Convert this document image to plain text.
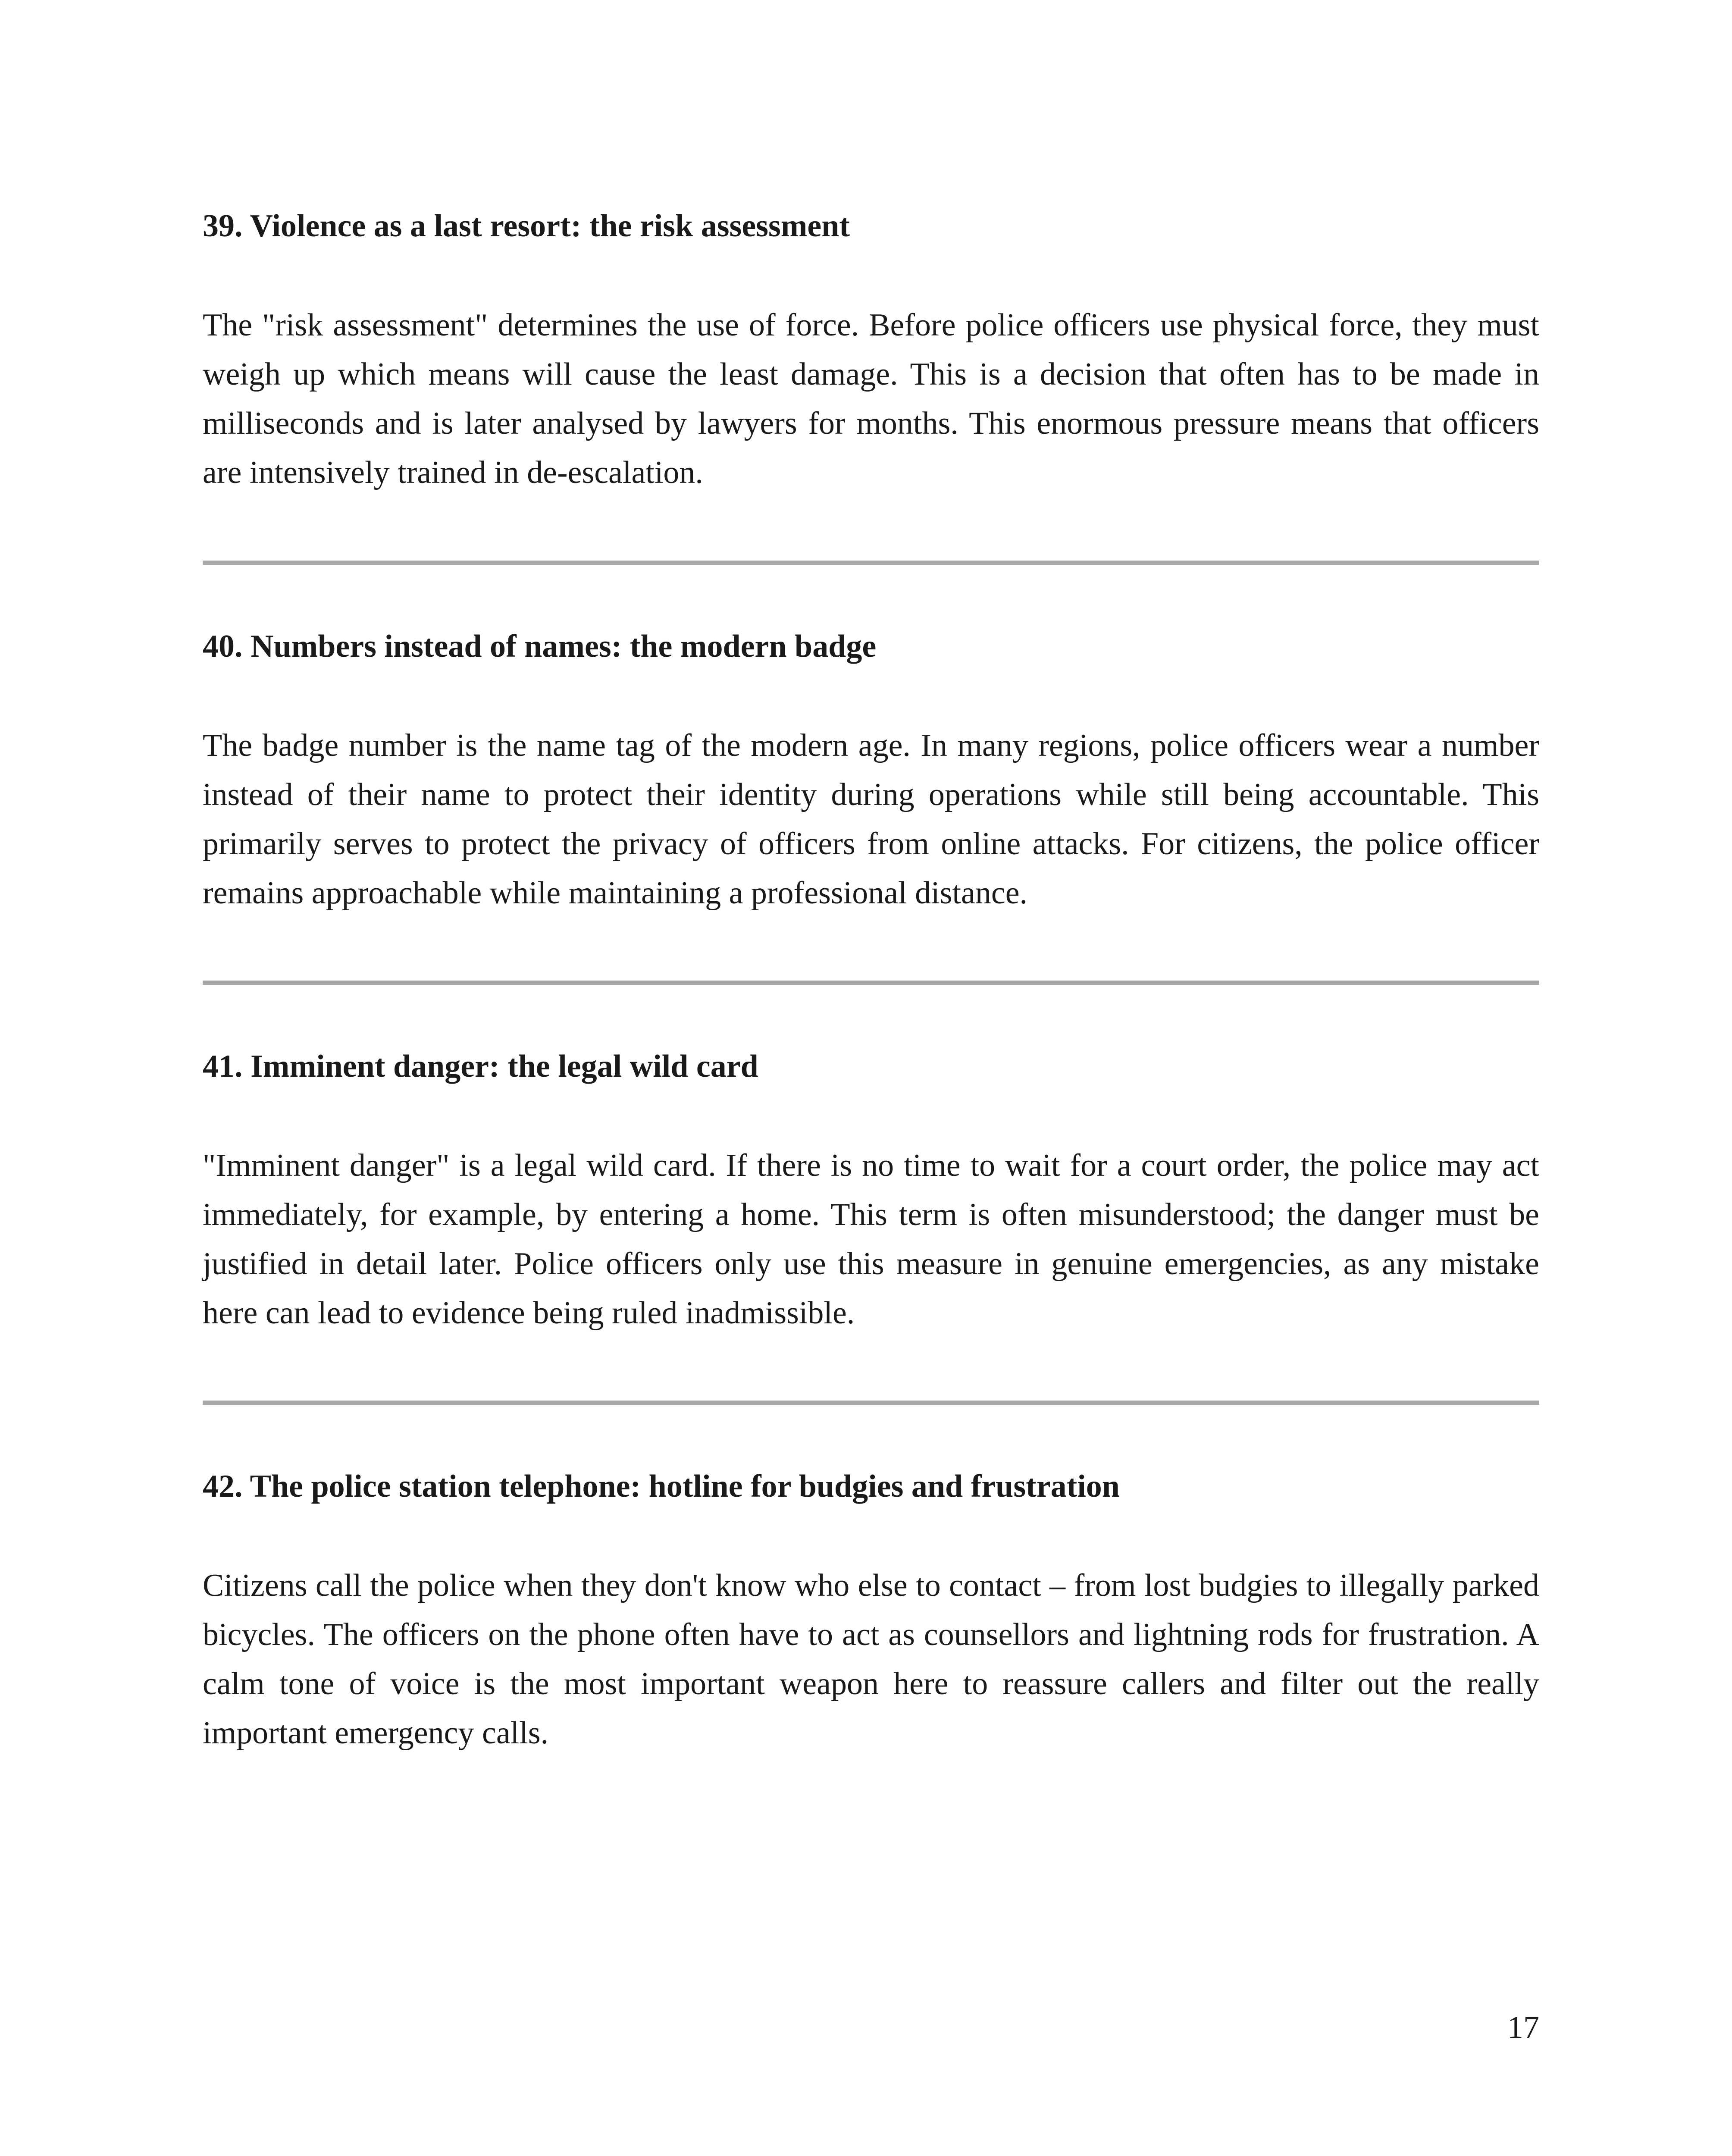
39. Violence as a last resort: the risk assessment

The "risk assessment" determines the use of force. Before police officers use physical force, they must weigh up which means will cause the least damage. This is a decision that often has to be made in milliseconds and is later analysed by lawyers for months. This enormous pressure means that officers are intensively trained in de-escalation.

40. Numbers instead of names: the modern badge

The badge number is the name tag of the modern age. In many regions, police officers wear a number instead of their name to protect their identity during operations while still being accountable. This primarily serves to protect the privacy of officers from online attacks. For citizens, the police officer remains approachable while maintaining a professional distance.

41. Imminent danger: the legal wild card

"Imminent danger" is a legal wild card. If there is no time to wait for a court order, the police may act immediately, for example, by entering a home. This term is often misunderstood; the danger must be justified in detail later. Police officers only use this measure in genuine emergencies, as any mistake here can lead to evidence being ruled inadmissible.

42. The police station telephone: hotline for budgies and frustration

Citizens call the police when they don't know who else to contact – from lost budgies to illegally parked bicycles. The officers on the phone often have to act as counsellors and lightning rods for frustration. A calm tone of voice is the most important weapon here to reassure callers and filter out the really important emergency calls.

17
